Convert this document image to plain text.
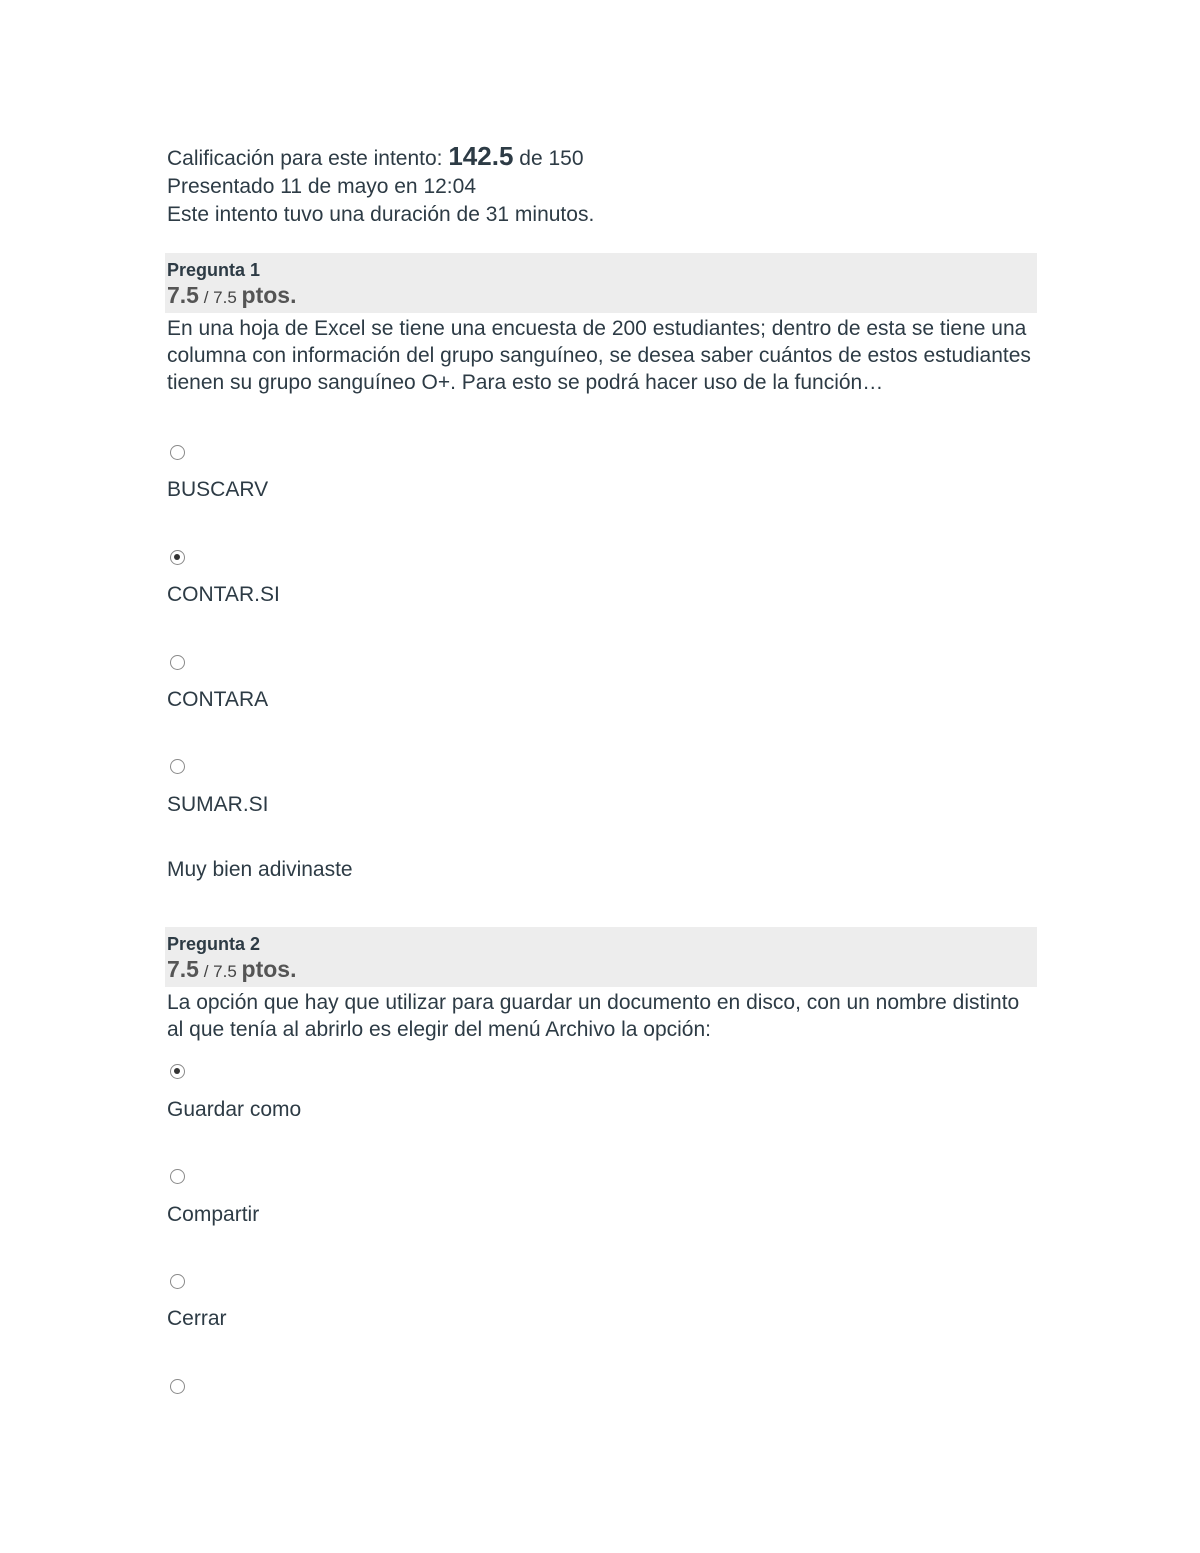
Calificación para este intento: 142.5 de 150
Presentado 11 de mayo en 12:04
Este intento tuvo una duración de 31 minutos.
Pregunta 1
7.5 / 7.5 ptos.
En una hoja de Excel se tiene una encuesta de 200 estudiantes; dentro de esta se tiene una columna con información del grupo sanguíneo, se desea saber cuántos de estos estudiantes tienen su grupo sanguíneo O+. Para esto se podrá hacer uso de la función…
BUSCARV
CONTAR.SI
CONTARA
SUMAR.SI
Muy bien adivinaste
Pregunta 2
7.5 / 7.5 ptos.
La opción que hay que utilizar para guardar un documento en disco, con un nombre distinto al que tenía al abrirlo es elegir del menú Archivo la opción:
Guardar como
Compartir
Cerrar
